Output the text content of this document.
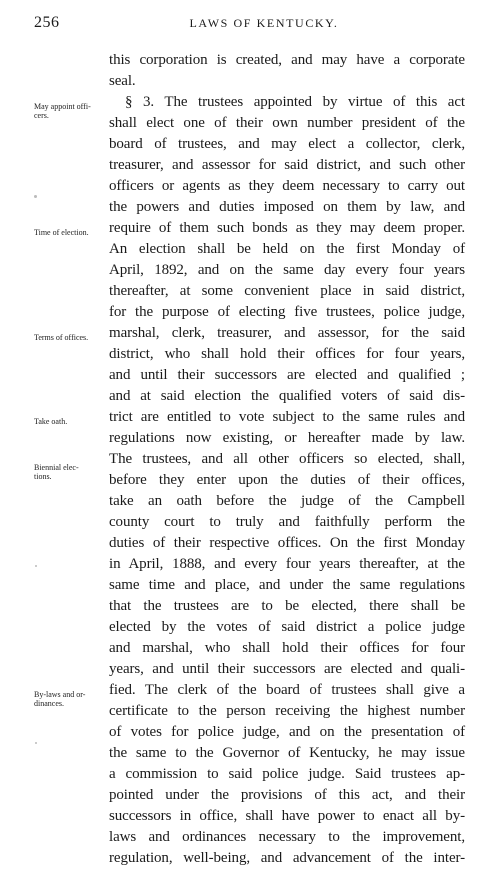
256	LAWS OF KENTUCKY.
May appoint offi-
cers.
Time of election.
Terms of offices.
Take oath.
Biennial elec-
tions.
By-laws and or-
dinances.
this corporation is created, and may have a corporate
seal.
§ 3. The trustees appointed by virtue of this act
shall elect one of their own number president of the
board of trustees, and may elect a collector, clerk,
treasurer, and assessor for said district, and such other
officers or agents as they deem necessary to carry out
the powers and duties imposed on them by law, and
require of them such bonds as they may deem proper.
An election shall be held on the first Monday of
April, 1892, and on the same day every four years
thereafter, at some convenient place in said district,
for the purpose of electing five trustees, police judge,
marshal, clerk, treasurer, and assessor, for the said
district, who shall hold their offices for four years,
and until their successors are elected and qualified ;
and at said election the qualified voters of said dis-
trict are entitled to vote subject to the same rules and
regulations now existing, or hereafter made by law.
The trustees, and all other officers so elected, shall,
before they enter upon the duties of their offices,
take an oath before the judge of the Campbell
county court to truly and faithfully perform the
duties of their respective offices. On the first Monday
in April, 1888, and every four years thereafter, at the
same time and place, and under the same regulations
that the trustees are to be elected, there shall be
elected by the votes of said district a police judge
and marshal, who shall hold their offices for four
years, and until their successors are elected and quali-
fied. The clerk of the board of trustees shall give a
certificate to the person receiving the highest number
of votes for police judge, and on the presentation of
the same to the Governor of Kentucky, he may issue
a commission to said police judge. Said trustees ap-
pointed under the provisions of this act, and their
successors in office, shall have power to enact all by-
laws and ordinances necessary to the improvement,
regulation, well-being, and advancement of the inter-
